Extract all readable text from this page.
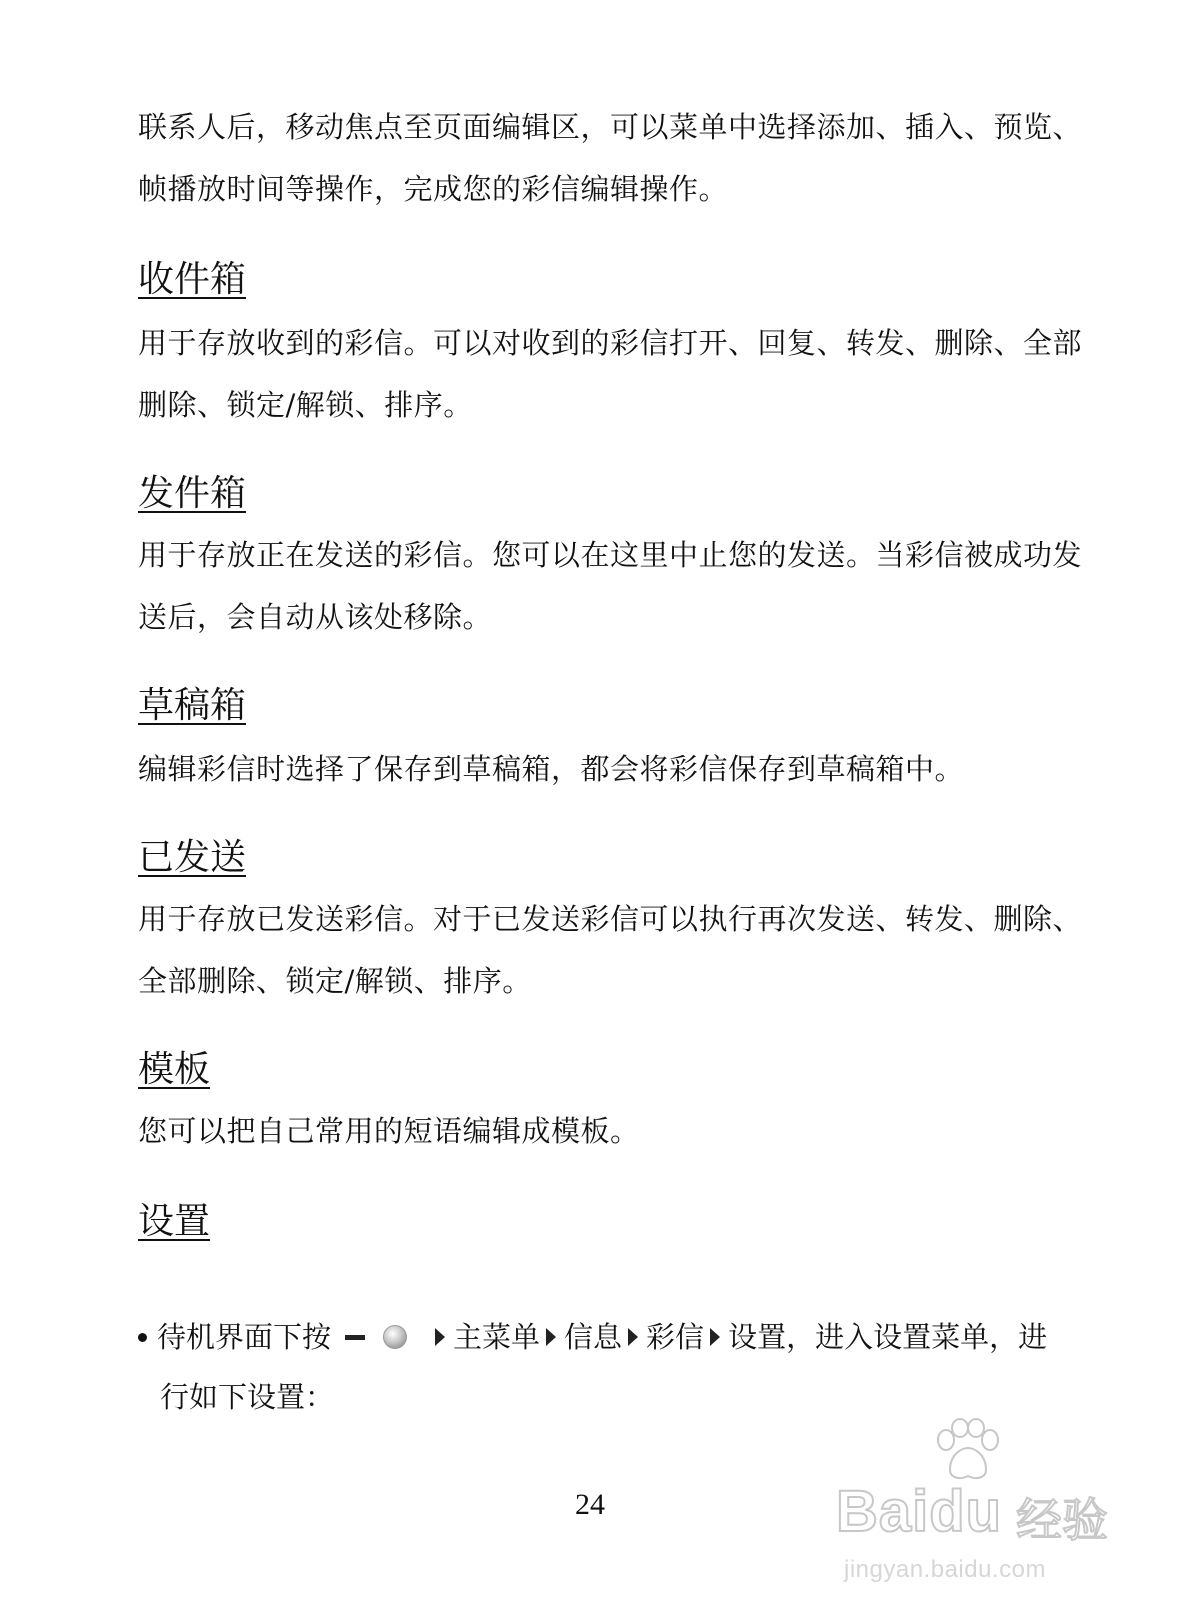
联系人后，移动焦点至页面编辑区，可以菜单中选择添加、插入、预览、
帧播放时间等操作，完成您的彩信编辑操作。

收件箱

用于存放收到的彩信。可以对收到的彩信打开、回复、转发、删除、全部
删除、锁定/解锁、排序。

发件箱

用于存放正在发送的彩信。您可以在这里中止您的发送。当彩信被成功发
送后，会自动从该处移除。

草稿箱

编辑彩信时选择了保存到草稿箱，都会将彩信保存到草稿箱中。

已发送

用于存放已发送彩信。对于已发送彩信可以执行再次发送、转发、删除、
全部删除、锁定/解锁、排序。

模板

您可以把自己常用的短语编辑成模板。

设置
待机界面下按	主菜单 信息 彩信 设置，进入设置菜单，进
行如下设置：
24	Baidu 经验
jingyan.baidu.com
